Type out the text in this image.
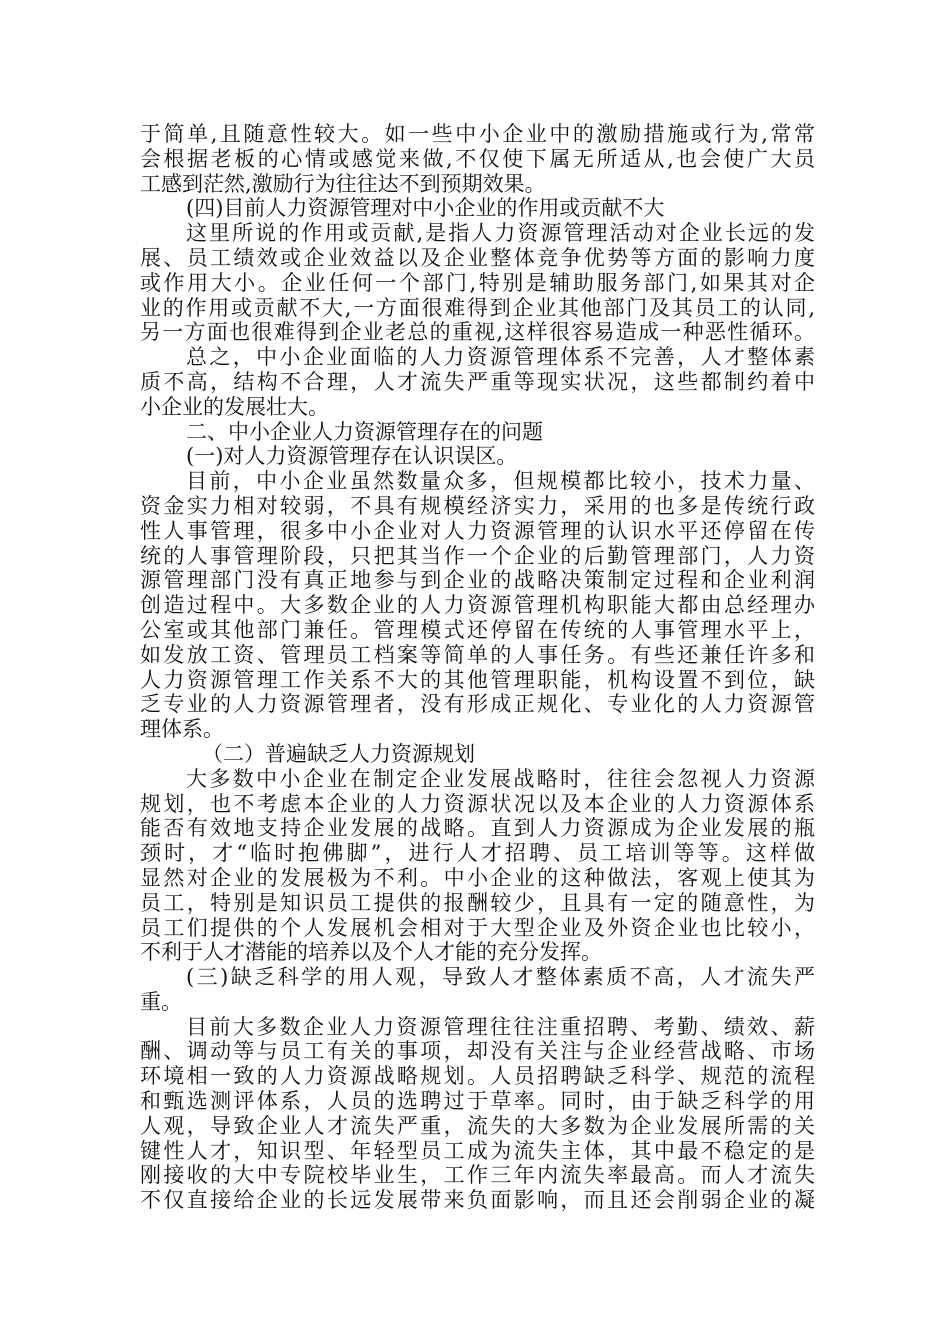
于简单,且随意性较大。如一些中小企业中的激励措施或行为,常常
会根据老板的心情或感觉来做,不仅使下属无所适从,也会使广大员
工感到茫然,激励行为往往达不到预期效果。
(四)目前人力资源管理对中小企业的作用或贡献不大
这里所说的作用或贡献,是指人力资源管理活动对企业长远的发
展、员工绩效或企业效益以及企业整体竞争优势等方面的影响力度
或作用大小。企业任何一个部门,特别是辅助服务部门,如果其对企
业的作用或贡献不大,一方面很难得到企业其他部门及其员工的认同,
另一方面也很难得到企业老总的重视,这样很容易造成一种恶性循环。
总之，中小企业面临的人力资源管理体系不完善，人才整体素
质不高，结构不合理，人才流失严重等现实状况，这些都制约着中
小企业的发展壮大。
二、中小企业人力资源管理存在的问题
(一)对人力资源管理存在认识误区。
目前，中小企业虽然数量众多，但规模都比较小，技术力量、
资金实力相对较弱，不具有规模经济实力，采用的也多是传统行政
性人事管理，很多中小企业对人力资源管理的认识水平还停留在传
统的人事管理阶段，只把其当作一个企业的后勤管理部门，人力资
源管理部门没有真正地参与到企业的战略决策制定过程和企业利润
创造过程中。大多数企业的人力资源管理机构职能大都由总经理办
公室或其他部门兼任。管理模式还停留在传统的人事管理水平上，
如发放工资、管理员工档案等简单的人事任务。有些还兼任许多和
人力资源管理工作关系不大的其他管理职能，机构设置不到位，缺
乏专业的人力资源管理者，没有形成正规化、专业化的人力资源管
理体系。
（二）普遍缺乏人力资源规划
大多数中小企业在制定企业发展战略时，往往会忽视人力资源
规划，也不考虑本企业的人力资源状况以及本企业的人力资源体系
能否有效地支持企业发展的战略。直到人力资源成为企业发展的瓶
颈时，才“临时抱佛脚”，进行人才招聘、员工培训等等。这样做
显然对企业的发展极为不利。中小企业的这种做法，客观上使其为
员工，特别是知识员工提供的报酬较少，且具有一定的随意性，为
员工们提供的个人发展机会相对于大型企业及外资企业也比较小，
不利于人才潜能的培养以及个人才能的充分发挥。
(三)缺乏科学的用人观，导致人才整体素质不高，人才流失严
重。
目前大多数企业人力资源管理往往注重招聘、考勤、绩效、薪
酬、调动等与员工有关的事项，却没有关注与企业经营战略、市场
环境相一致的人力资源战略规划。人员招聘缺乏科学、规范的流程
和甄选测评体系，人员的选聘过于草率。同时，由于缺乏科学的用
人观，导致企业人才流失严重，流失的大多数为企业发展所需的关
键性人才，知识型、年轻型员工成为流失主体，其中最不稳定的是
刚接收的大中专院校毕业生，工作三年内流失率最高。而人才流失
不仅直接给企业的长远发展带来负面影响，而且还会削弱企业的凝
